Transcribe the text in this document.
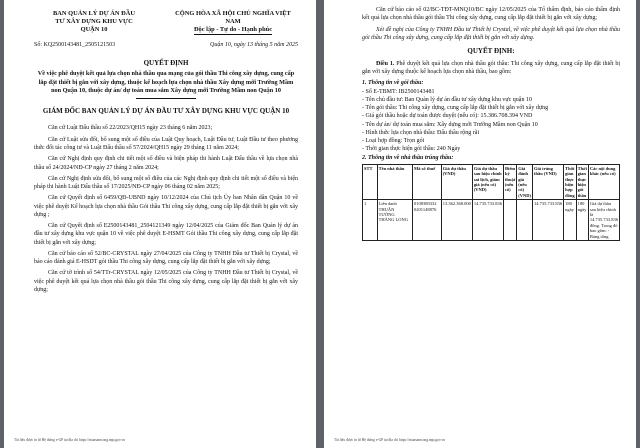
BAN QUẢN LÝ DỰ ÁN ĐẦU
TƯ XÂY DỰNG KHU VỰC
QUẬN 10
CỘNG HÒA XÃ HỘI CHỦ NGHĨA VIỆT NAM
Độc lập - Tự do - Hạnh phúc
Số: KQ2500143481_2505121503	Quận 10, ngày 13 tháng 5 năm 2025
QUYẾT ĐỊNH
Về việc phê duyệt kết quả lựa chọn nhà thầu qua mạng của gói thầu Thi công xây dựng, cung cấp lắp đặt thiết bị gắn với xây dựng, thuộc kế hoạch lựa chọn nhà thầu Xây dựng mới Trường Mầm non Quận 10, thuộc dự án/ dự toán mua sắm Xây dựng mới Trường Mầm non Quận 10
GIÁM ĐỐC BAN QUẢN LÝ DỰ ÁN ĐẦU TƯ XÂY DỰNG KHU VỰC QUẬN 10

Căn cứ Luật Đấu thầu số 22/2023/QH15 ngày 23 tháng 6 năm 2023;

Căn cứ Luật sửa đổi, bổ sung một số điều của Luật Quy hoạch, Luật Đầu tư, Luật Đầu tư theo phương thức đối tác công tư và Luật Đấu thầu số 57/2024/QH15 ngày 29 tháng 11 năm 2024;

Căn cứ Nghị định quy định chi tiết một số điều và biện pháp thi hành Luật Đấu thầu về lựa chọn nhà thầu số 24/2024/NĐ-CP ngày 27 tháng 2 năm 2024;

Căn cứ Nghị định sửa đổi, bổ sung một số điều của các Nghị định quy định chi tiết một số điều và biện pháp thi hành Luật Đấu thầu số 17/2025/NĐ-CP ngày 06 tháng 02 năm 2025;

Căn cứ Quyết định số 6459/QĐ-UBND ngày 10/12/2024 của Chủ tịch Ủy ban Nhân dân Quận 10 về việc phê duyệt Kế hoạch lựa chọn nhà thầu Gói thầu Thi công xây dựng, cung cấp lắp đặt thiết bị gắn với xây dựng ;

Căn cứ Quyết định số E2500143481_2504121349 ngày 12/04/2025 của Giám đốc Ban Quản lý dự án đầu tư xây dựng khu vực quận 10 về việc phê duyệt E-HSMT Gói thầu Thi công xây dựng, cung cấp lắp đặt thiết bị gắn với xây dựng;

Căn cứ báo cáo số 52/BC-CRYSTAL ngày 27/04/2025 của Công ty TNHH Đầu tư Thiết bị Crystal, về báo cáo đánh giá E-HSDT gói thầu Thi công xây dựng, cung cấp lắp đặt thiết bị gắn với xây dựng;

Căn cứ tờ trình số 54/TTr-CRYSTAL ngày 12/05/2025 của Công ty TNHH Đầu tư Thiết bị Crystal, về việc phê duyệt kết quả lựa chọn nhà thầu gói thầu Thi công xây dựng, cung cấp lắp đặt thiết bị gắn với xây dựng;

Tài liệu được in từ Hệ thống e-GP tại địa chỉ https://muasamcong.mpi.gov.vn

Căn cứ báo cáo số 02/BC-TĐT-MNQ10/BC ngày 12/05/2025 của Tổ thẩm định, báo cáo thẩm định kết quả lựa chọn nhà thầu gói thầu Thi công xây dựng, cung cấp lắp đặt thiết bị gắn với xây dựng;

Xét đề nghị của Công ty TNHH Đầu tư Thiết bị Crystal, về việc phê duyệt kết quả lựa chọn nhà thầu gói thầu Thi công xây dựng, cung cấp lắp đặt thiết bị gắn với xây dựng.

QUYẾT ĐỊNH:

Điều 1. Phê duyệt kết quả lựa chọn nhà thầu gói thầu: Thi công xây dựng, cung cấp lắp đặt thiết bị gắn với xây dựng thuộc kế hoạch lựa chọn nhà thầu, bao gồm:

1. Thông tin về gói thầu:
- Số E-TBMT: IB2500143481
- Tên chủ đầu tư: Ban Quản lý dự án đầu tư xây dựng khu vực quận 10
- Tên gói thầu: Thi công xây dựng, cung cấp lắp đặt thiết bị gắn với xây dựng
- Giá gói thầu hoặc dự toán được duyệt (nếu có): 15.386.708.394 VND
- Tên dự án/ dự toán mua sắm: Xây dựng mới Trường Mầm non Quận 10
- Hình thức lựa chọn nhà thầu: Đấu thầu rộng rãi
- Loại hợp đồng: Trọn gói
- Thời gian thực hiện gói thầu: 240 Ngày
2. Thông tin về nhà thầu trúng thầu:
STT	Tên nhà thầu	Mã số thuế	Giá dự thầu (VND)	Giá dự thầu sau hiệu chỉnh sai lệch, giảm giá (nếu có) (VND)	Điểm kỹ thuật (nếu có)	Giá đánh giá (nếu có) (VND)	Giá trúng thầu (VND)	Thời gian thực hiện hợp đồng	Thời gian thực hiện gói thầu	Các nội dung khác (nếu có)
1	Liên danh THUẬN TƯỜNG THĂNG LONG	0108380332 0201148876	13.362.368.000	14.735.733.836			14.735.733.836	180 ngày	180 ngày	Giá dự thầu sau hiệu chỉnh là 14.735.733.836 đồng. Trong đó bao gồm: - Bảng tổng
Tài liệu được in từ Hệ thống e-GP tại địa chỉ https://muasamcong.mpi.gov.vn
